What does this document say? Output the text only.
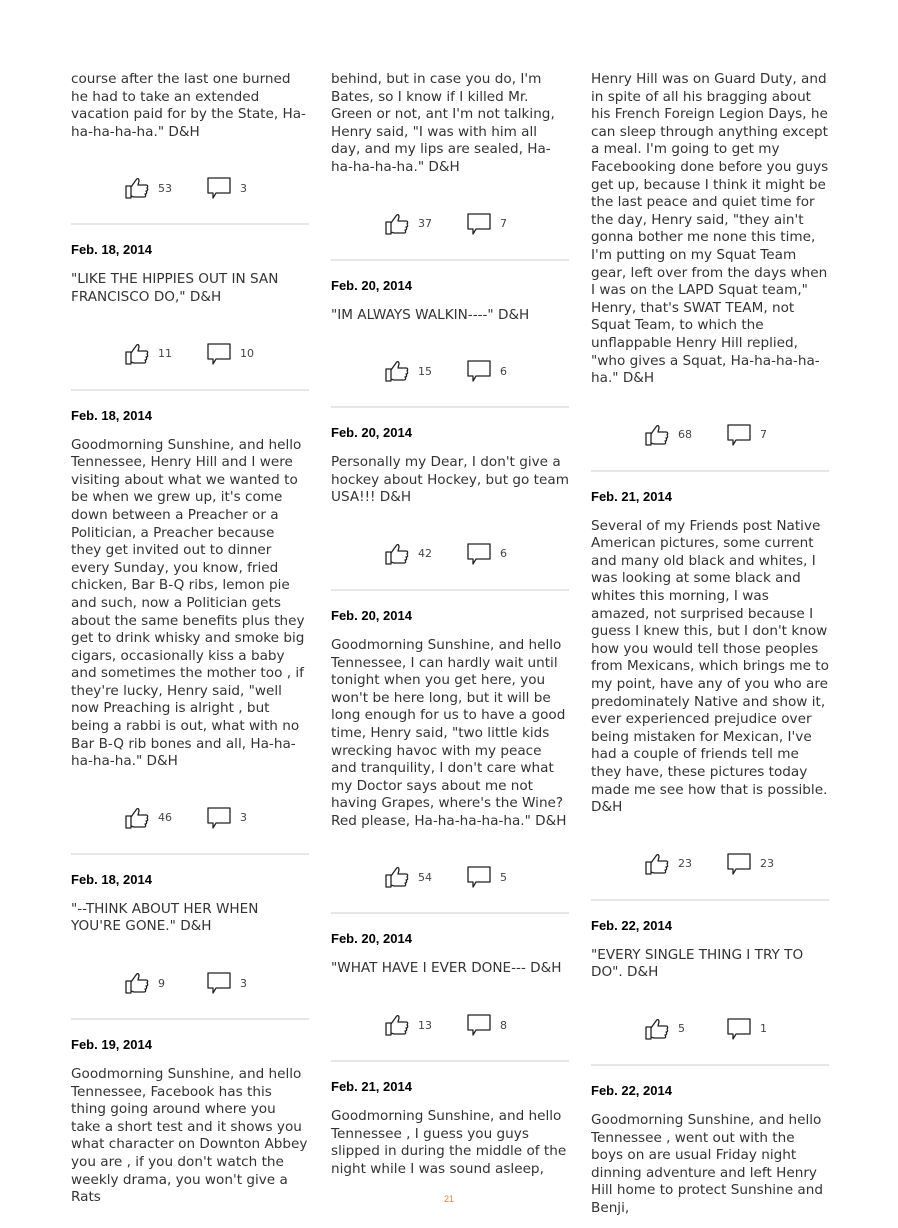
course after the last one burned he had to take an extended vacation paid for by the State, Ha-ha-ha-ha-ha." D&H

53	3
Feb. 18, 2014

"LIKE THE HIPPIES OUT IN SAN FRANCISCO DO," D&H

11	10
Feb. 18, 2014

Goodmorning Sunshine, and hello Tennessee, Henry Hill and I were visiting about what we wanted to be when we grew up, it's come down between a Preacher or a Politician, a Preacher because they get invited out to dinner every Sunday, you know, fried chicken, Bar B-Q ribs, lemon pie and such, now a Politician gets about the same benefits plus they get to drink whisky and smoke big cigars, occasionally kiss a baby and sometimes the mother too , if they're lucky, Henry said, "well now Preaching is alright , but being a rabbi is out, what with no Bar B-Q rib bones and all, Ha-ha-ha-ha-ha." D&H

46	3
Feb. 18, 2014

"--THINK ABOUT HER WHEN YOU'RE GONE." D&H

9	3
Feb. 19, 2014

Goodmorning Sunshine, and hello Tennessee, Facebook has this thing going around where you take a short test and it shows you what character on Downton Abbey you are , if you don't watch the weekly drama, you won't give a Rats

behind, but in case you do, I'm Bates, so I know if I killed Mr. Green or not, ant I'm not talking, Henry said, "I was with him all day, and my lips are sealed, Ha-ha-ha-ha-ha." D&H

37	7
Feb. 20, 2014

"IM ALWAYS WALKIN----" D&H

15	6
Feb. 20, 2014

Personally my Dear, I don't give a hockey about Hockey, but go team USA!!! D&H

42	6
Feb. 20, 2014

Goodmorning Sunshine, and hello Tennessee, I can hardly wait until tonight when you get here, you won't be here long, but it will be long enough for us to have a good time, Henry said, "two little kids wrecking havoc with my peace and tranquility, I don't care what my Doctor says about me not having Grapes, where's the Wine? Red please, Ha-ha-ha-ha-ha." D&H

54	5
Feb. 20, 2014

"WHAT HAVE I EVER DONE--- D&H

13	8
Feb. 21, 2014

Goodmorning Sunshine, and hello Tennessee , I guess you guys slipped in during the middle of the night while I was sound asleep,

Henry Hill was on Guard Duty, and in spite of all his bragging about his French Foreign Legion Days, he can sleep through anything except a meal. I'm going to get my Facebooking done before you guys get up, because I think it might be the last peace and quiet time for the day, Henry said, "they ain't gonna bother me none this time, I'm putting on my Squat Team gear, left over from the days when I was on the LAPD Squat team," Henry, that's SWAT TEAM, not Squat Team, to which the unflappable Henry Hill replied, "who gives a Squat, Ha-ha-ha-ha-ha." D&H

68	7
Feb. 21, 2014

Several of my Friends post Native American pictures, some current and many old black and whites, I was looking at some black and whites this morning, I was amazed, not surprised because I guess I knew this, but I don't know how you would tell those peoples from Mexicans, which brings me to my point, have any of you who are predominately Native and show it, ever experienced prejudice over being mistaken for Mexican, I've had a couple of friends tell me they have, these pictures today made me see how that is possible. D&H

23	23
Feb. 22, 2014

"EVERY SINGLE THING I TRY TO DO". D&H

5	1
Feb. 22, 2014

Goodmorning Sunshine, and hello Tennessee , went out with the boys on are usual Friday night dinning adventure and left Henry Hill home to protect Sunshine and Benji,

21
